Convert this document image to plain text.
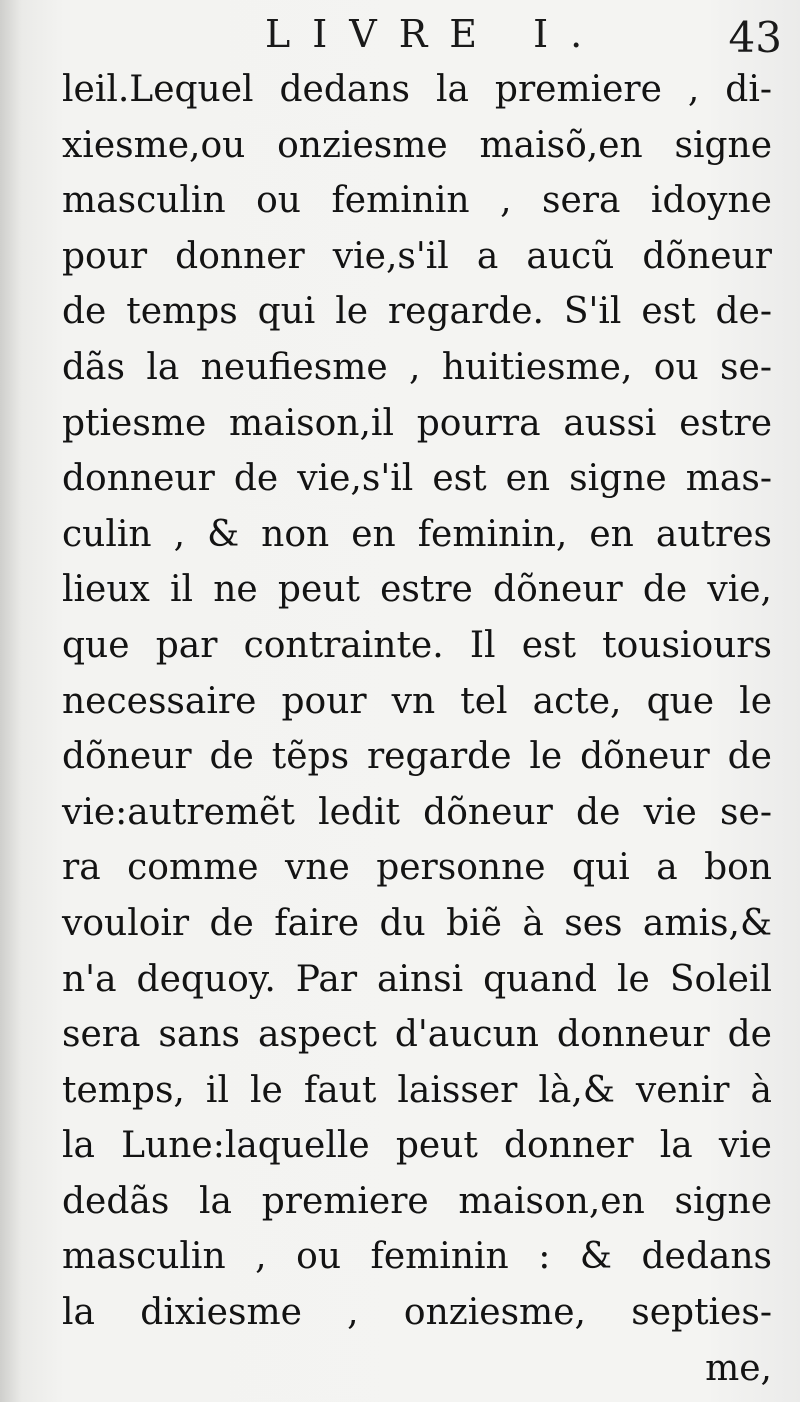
LIVRE I.	43
leil.Lequel dedans la premiere , di-
xiesme,ou onziesme maisõ,en signe
masculin ou feminin , sera idoyne
pour donner vie,s'il a aucũ dõneur
de temps qui le regarde. S'il est de-
dãs la neufiesme , huitiesme, ou se-
ptiesme maison,il pourra aussi estre
donneur de vie,s'il est en signe mas-
culin , & non en feminin, en autres
lieux il ne peut estre dõneur de vie,
que par contrainte. Il est tousiours
necessaire pour vn tel acte, que le
dõneur de tẽps regarde le dõneur de
vie:autremẽt ledit dõneur de vie se-
ra comme vne personne qui a bon
vouloir de faire du biẽ à ses amis,&
n'a dequoy. Par ainsi quand le Soleil
sera sans aspect d'aucun donneur de
temps, il le faut laisser là,& venir à
la Lune:laquelle peut donner la vie
dedãs la premiere maison,en signe
masculin , ou feminin : & dedans
la dixiesme , onziesme, septies-
me,
